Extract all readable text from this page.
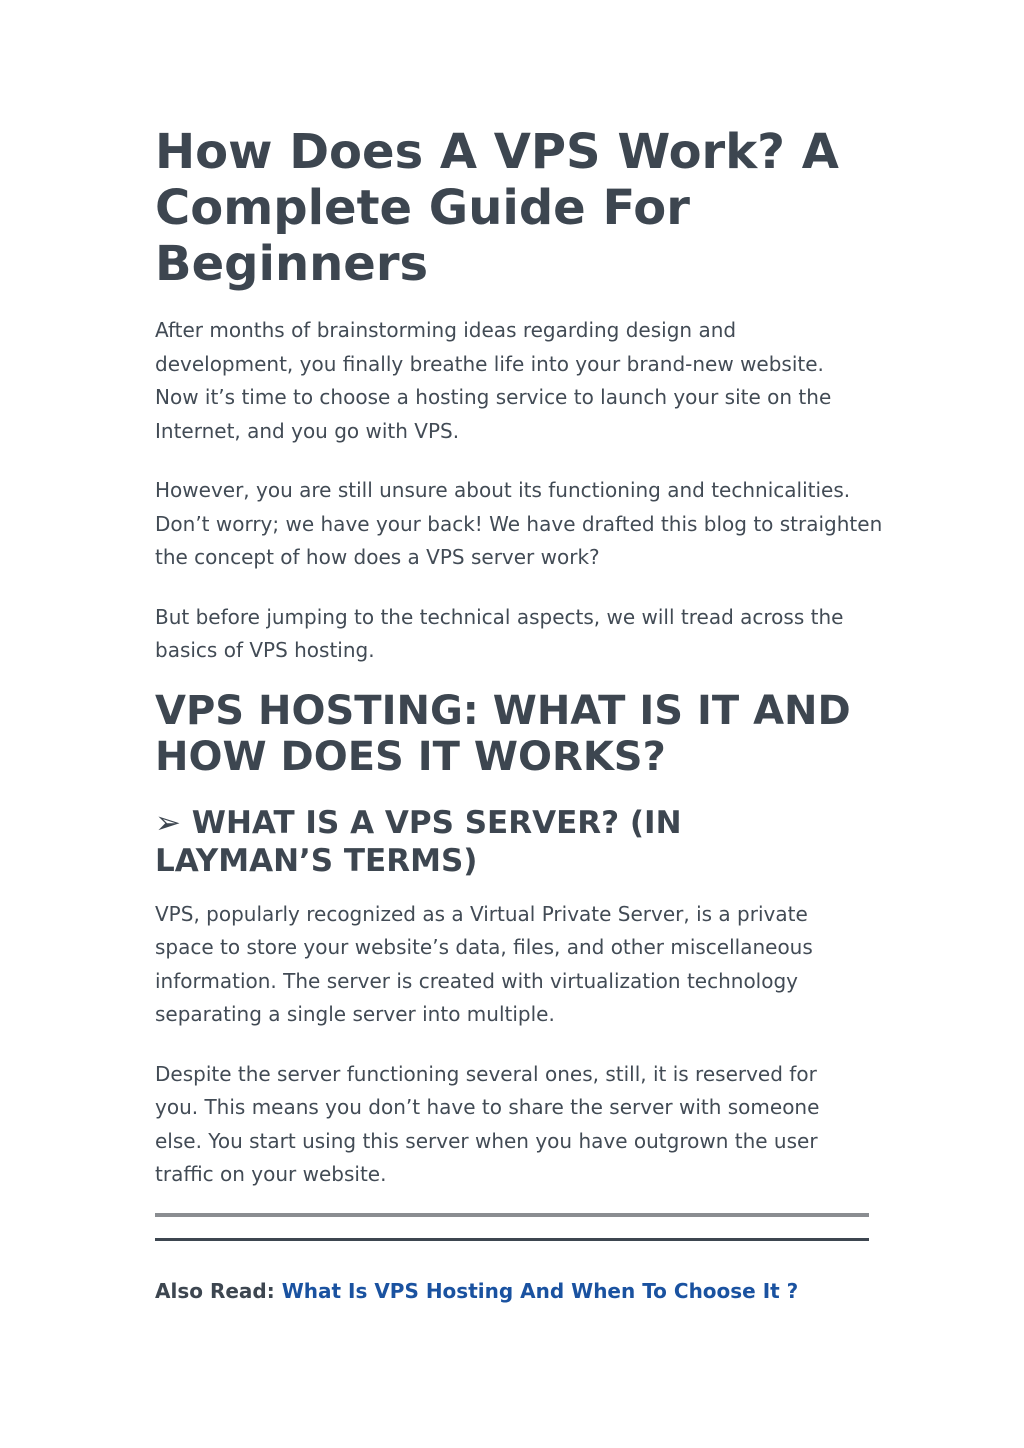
How Does A VPS Work? A Complete Guide For Beginners

After months of brainstorming ideas regarding design and development, you finally breathe life into your brand-new website. Now it’s time to choose a hosting service to launch your site on the Internet, and you go with VPS.

However, you are still unsure about its functioning and technicalities. Don’t worry; we have your back! We have drafted this blog to straighten the concept of how does a VPS server work?

But before jumping to the technical aspects, we will tread across the basics of VPS hosting.

VPS HOSTING: WHAT IS IT AND HOW DOES IT WORKS?
➢ WHAT IS A VPS SERVER? (IN LAYMAN’S TERMS)

VPS, popularly recognized as a Virtual Private Server, is a private space to store your website’s data, files, and other miscellaneous information. The server is created with virtualization technology separating a single server into multiple.

Despite the server functioning several ones, still, it is reserved for you. This means you don’t have to share the server with someone else. You start using this server when you have outgrown the user traffic on your website.

Also Read: What Is VPS Hosting And When To Choose It ?
